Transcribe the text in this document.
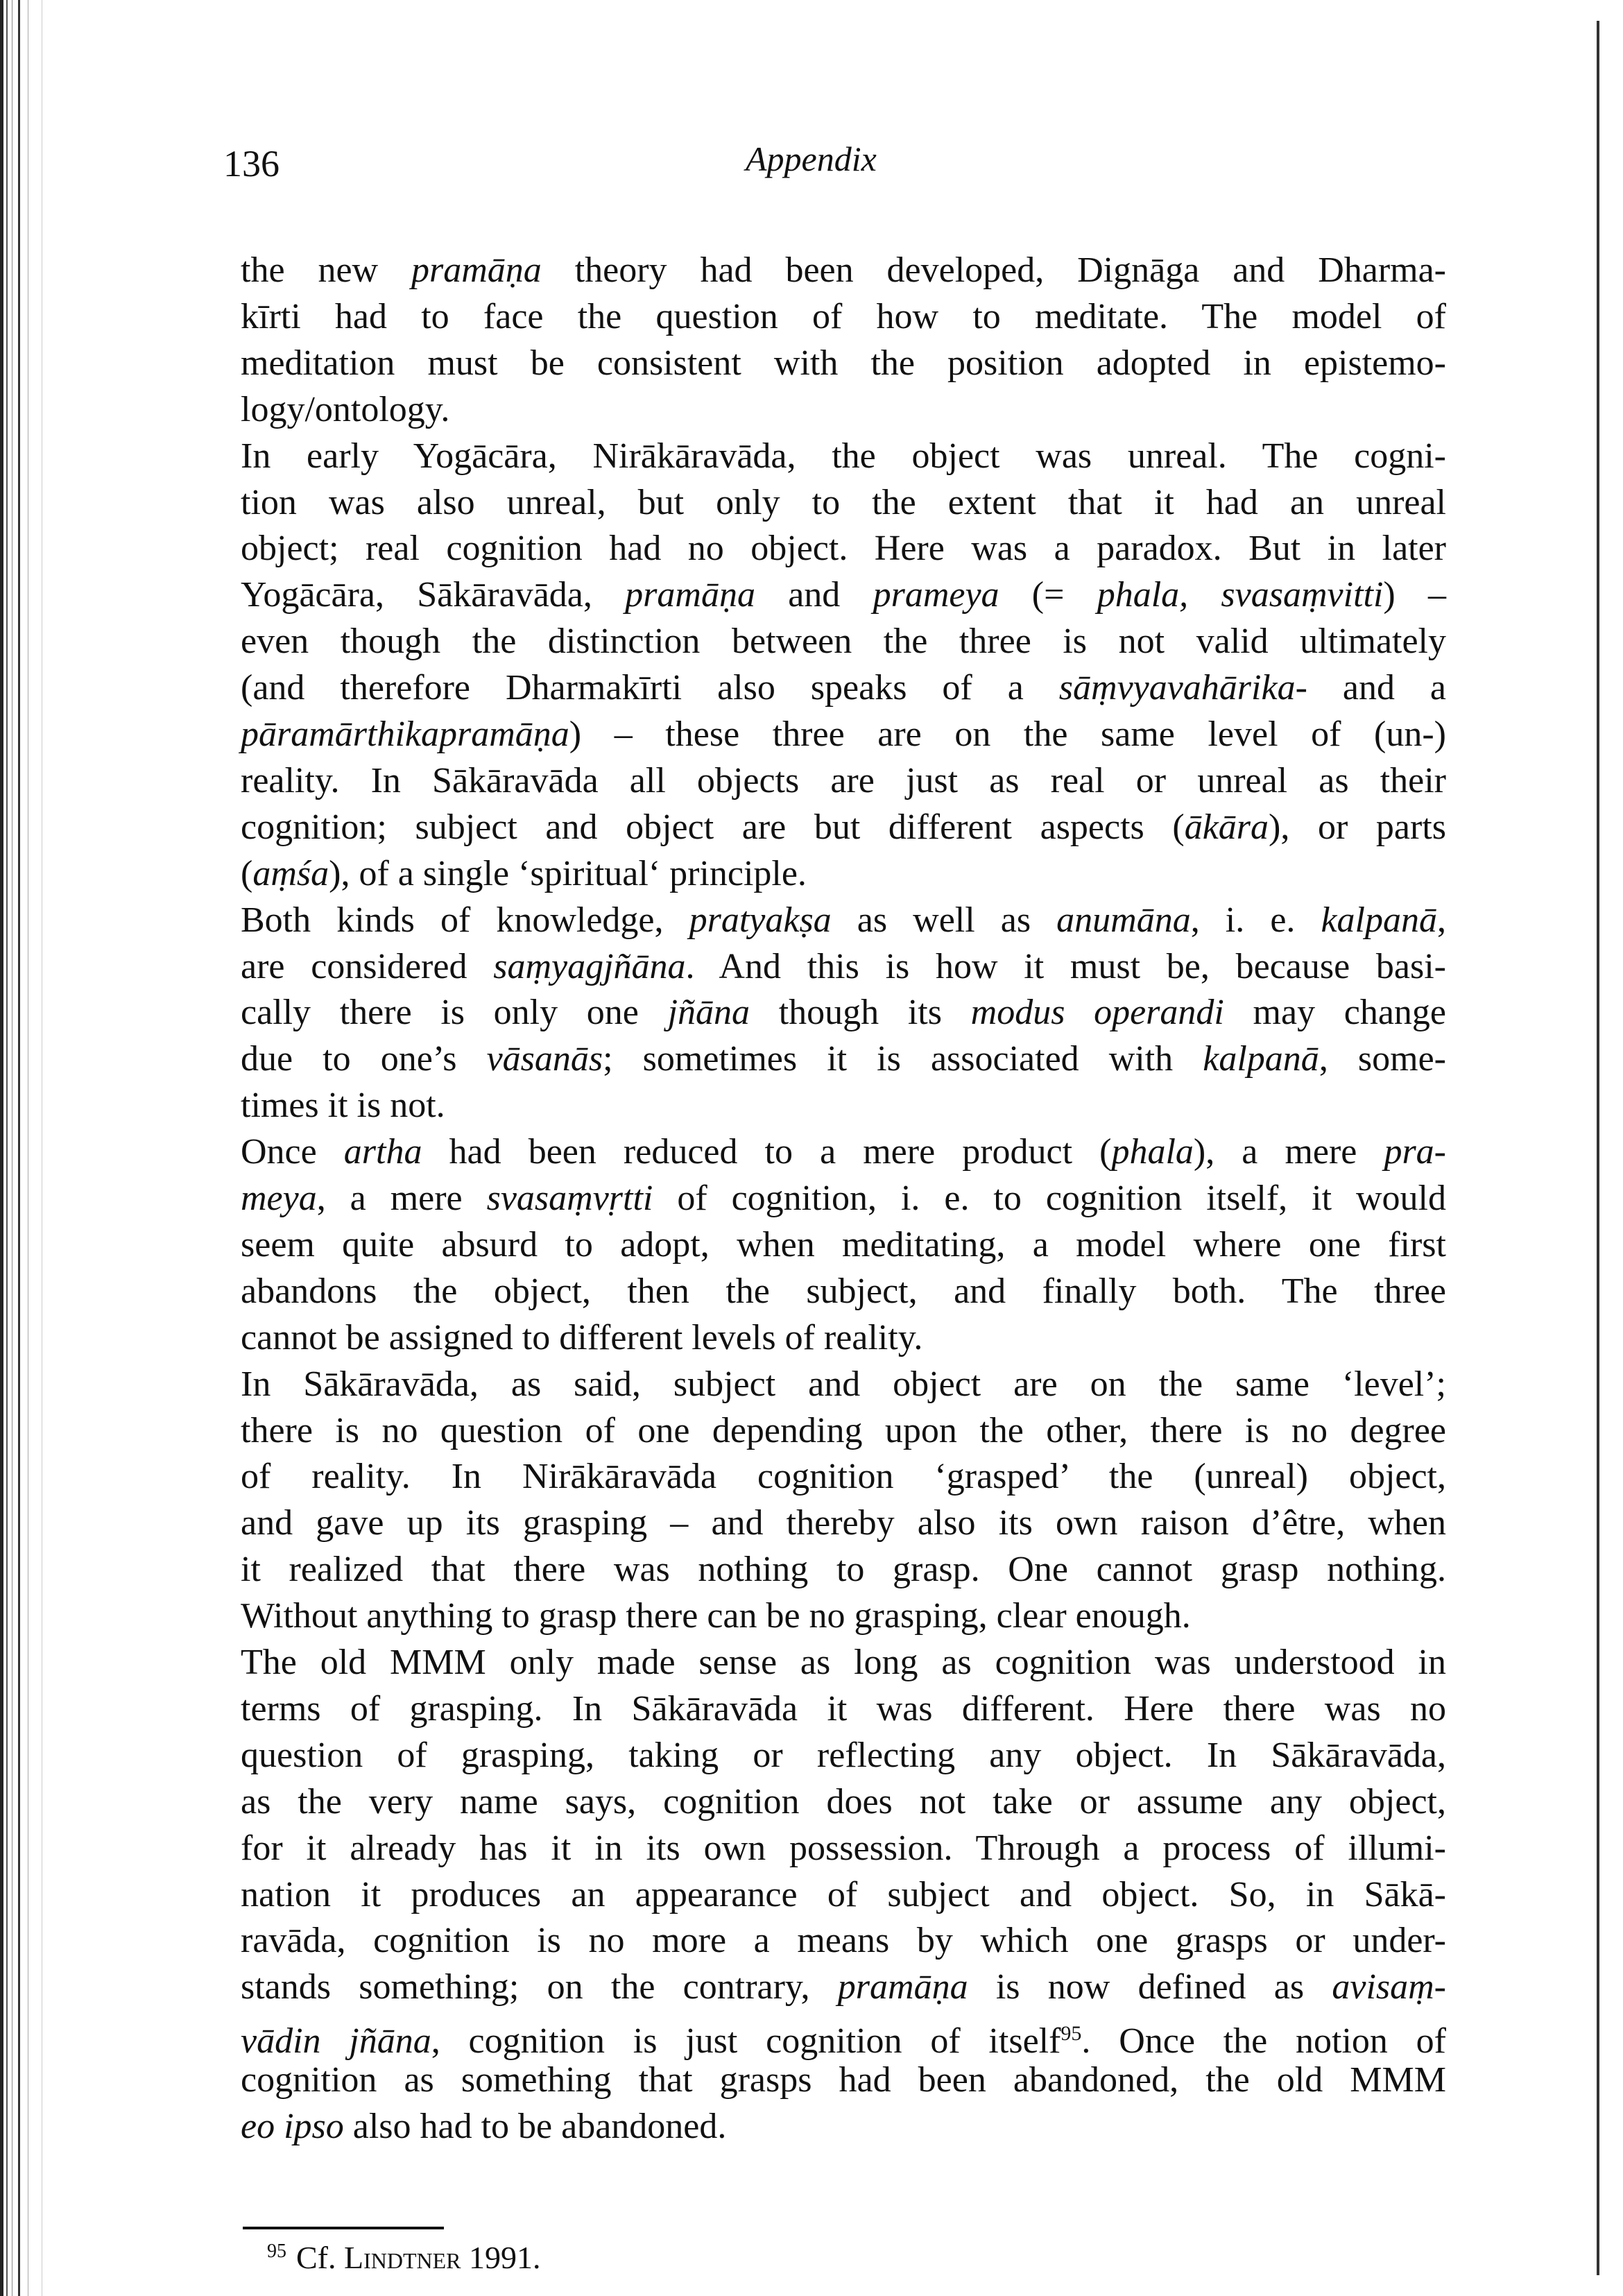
136	Appendix
the new pramāṇa theory had been developed, Dignāga and Dharma-
kīrti had to face the question of how to meditate. The model of
meditation must be consistent with the position adopted in epistemo-
logy/ontology.
In early Yogācāra, Nirākāravāda, the object was unreal. The cogni-
tion was also unreal, but only to the extent that it had an unreal
object; real cognition had no object. Here was a paradox. But in later
Yogācāra, Sākāravāda, pramāṇa and prameya (= phala, svasaṃvitti) –
even though the distinction between the three is not valid ultimately
(and therefore Dharmakīrti also speaks of a sāṃvyavahārika- and a
pāramārthikapramāṇa) – these three are on the same level of (un-)
reality. In Sākāravāda all objects are just as real or unreal as their
cognition; subject and object are but different aspects (ākāra), or parts
(aṃśa), of a single ‘spiritual‘ principle.
Both kinds of knowledge, pratyakṣa as well as anumāna, i. e. kalpanā,
are considered saṃyagjñāna. And this is how it must be, because basi-
cally there is only one jñāna though its modus operandi may change
due to one’s vāsanās; sometimes it is associated with kalpanā, some-
times it is not.
Once artha had been reduced to a mere product (phala), a mere pra-
meya, a mere svasaṃvṛtti of cognition, i. e. to cognition itself, it would
seem quite absurd to adopt, when meditating, a model where one first
abandons the object, then the subject, and finally both. The three
cannot be assigned to different levels of reality.
In Sākāravāda, as said, subject and object are on the same ‘level’;
there is no question of one depending upon the other, there is no degree
of reality. In Nirākāravāda cognition ‘grasped’ the (unreal) object,
and gave up its grasping – and thereby also its own raison d’être, when
it realized that there was nothing to grasp. One cannot grasp nothing.
Without anything to grasp there can be no grasping, clear enough.
The old MMM only made sense as long as cognition was understood in
terms of grasping. In Sākāravāda it was different. Here there was no
question of grasping, taking or reflecting any object. In Sākāravāda,
as the very name says, cognition does not take or assume any object,
for it already has it in its own possession. Through a process of illumi-
nation it produces an appearance of subject and object. So, in Sākā-
ravāda, cognition is no more a means by which one grasps or under-
stands something; on the contrary, pramāṇa is now defined as avisaṃ-
vādin jñāna, cognition is just cognition of itself$^{95}$. Once the notion of
cognition as something that grasps had been abandoned, the old MMM
eo ipso also had to be abandoned.
$^{95}$ Cf. Lindtner 1991.
